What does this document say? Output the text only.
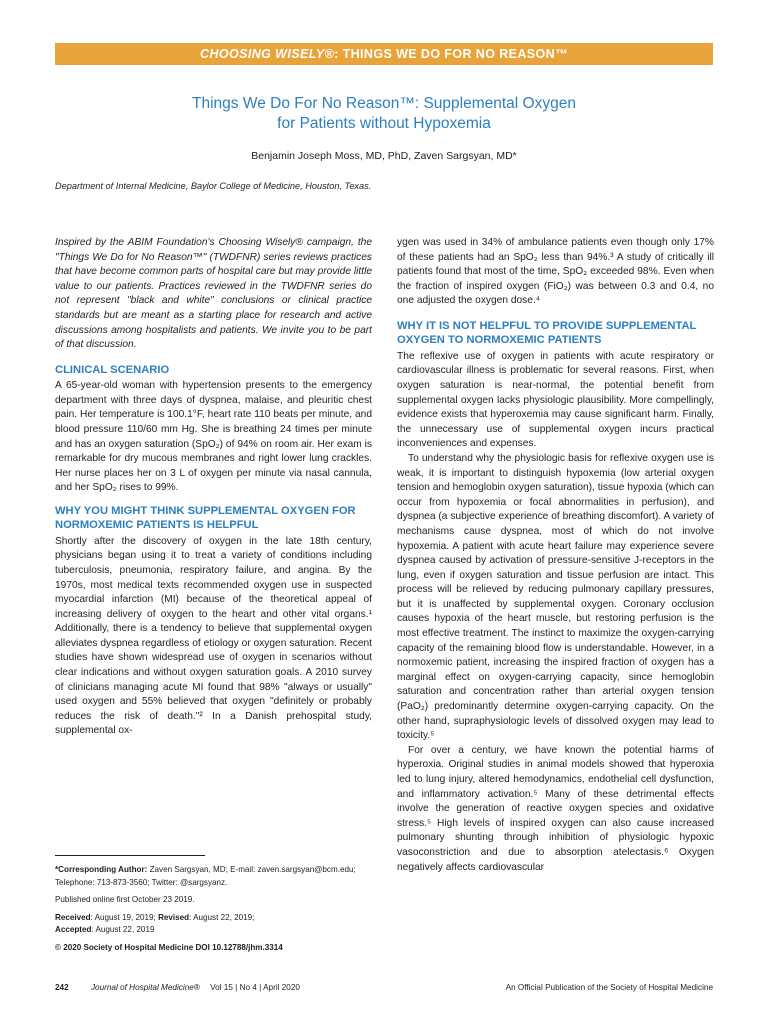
CHOOSING WISELY®: THINGS WE DO FOR NO REASON™
Things We Do For No Reason™: Supplemental Oxygen
for Patients without Hypoxemia
Benjamin Joseph Moss, MD, PhD, Zaven Sargsyan, MD*
Department of Internal Medicine, Baylor College of Medicine, Houston, Texas.

Inspired by the ABIM Foundation's Choosing Wisely® campaign, the "Things We Do for No Reason™" (TWDFNR) series reviews practices that have become common parts of hospital care but may provide little value to our patients. Practices reviewed in the TWDFNR series do not represent "black and white" conclusions or clinical practice standards but are meant as a starting place for research and active discussions among hospitalists and patients. We invite you to be part of that discussion.

CLINICAL SCENARIO

A 65-year-old woman with hypertension presents to the emergency department with three days of dyspnea, malaise, and pleuritic chest pain. Her temperature is 100.1°F, heart rate 110 beats per minute, and blood pressure 110/60 mm Hg. She is breathing 24 times per minute and has an oxygen saturation (SpO₂) of 94% on room air. Her exam is remarkable for dry mucous membranes and right lower lung crackles. Her nurse places her on 3 L of oxygen per minute via nasal cannula, and her SpO₂ rises to 99%.

WHY YOU MIGHT THINK SUPPLEMENTAL OXYGEN FOR NORMOXEMIC PATIENTS IS HELPFUL

Shortly after the discovery of oxygen in the late 18th century, physicians began using it to treat a variety of conditions including tuberculosis, pneumonia, respiratory failure, and angina. By the 1970s, most medical texts recommended oxygen use in suspected myocardial infarction (MI) because of the theoretical appeal of increasing delivery of oxygen to the heart and other vital organs.¹ Additionally, there is a tendency to believe that supplemental oxygen alleviates dyspnea regardless of etiology or oxygen saturation. Recent studies have shown widespread use of oxygen in scenarios without clear indications and without oxygen saturation goals. A 2010 survey of clinicians managing acute MI found that 98% "always or usually" used oxygen and 55% believed that oxygen "definitely or probably reduces the risk of death."² In a Danish prehospital study, supplemental ox-

*Corresponding Author: Zaven Sargsyan, MD; E-mail: zaven.sargsyan@bcm.edu; Telephone: 713-873-3560; Twitter: @sargsyanz.

Published online first October 23 2019.

Received: August 19, 2019; Revised: August 22, 2019;
Accepted: August 22, 2019

© 2020 Society of Hospital Medicine DOI 10.12788/jhm.3314

ygen was used in 34% of ambulance patients even though only 17% of these patients had an SpO₂ less than 94%.³ A study of critically ill patients found that most of the time, SpO₂ exceeded 98%. Even when the fraction of inspired oxygen (FiO₂) was between 0.3 and 0.4, no one adjusted the oxygen dose.⁴

WHY IT IS NOT HELPFUL TO PROVIDE SUPPLEMENTAL OXYGEN TO NORMOXEMIC PATIENTS

The reflexive use of oxygen in patients with acute respiratory or cardiovascular illness is problematic for several reasons. First, when oxygen saturation is near-normal, the potential benefit from supplemental oxygen lacks physiologic plausibility. More compellingly, evidence exists that hyperoxemia may cause significant harm. Finally, the unnecessary use of supplemental oxygen incurs practical inconveniences and expenses.

To understand why the physiologic basis for reflexive oxygen use is weak, it is important to distinguish hypoxemia (low arterial oxygen tension and hemoglobin oxygen saturation), tissue hypoxia (which can occur from hypoxemia or focal abnormalities in perfusion), and dyspnea (a subjective experience of breathing discomfort). A variety of mechanisms cause dyspnea, most of which do not involve hypoxemia. A patient with acute heart failure may experience severe dyspnea caused by activation of pressure-sensitive J-receptors in the lung, even if oxygen saturation and tissue perfusion are intact. This process will be relieved by reducing pulmonary capillary pressures, but it is unaffected by supplemental oxygen. Coronary occlusion causes hypoxia of the heart muscle, but restoring perfusion is the most effective treatment. The instinct to maximize the oxygen-carrying capacity of the remaining blood flow is understandable. However, in a normoxemic patient, increasing the inspired fraction of oxygen has a marginal effect on oxygen-carrying capacity, since hemoglobin saturation and concentration rather than arterial oxygen tension (PaO₂) predominantly determine oxygen-carrying capacity. On the other hand, supraphysiologic levels of dissolved oxygen may lead to toxicity.⁵

For over a century, we have known the potential harms of hyperoxia. Original studies in animal models showed that hyperoxia led to lung injury, altered hemodynamics, endothelial cell dysfunction, and inflammatory activation.⁵ Many of these detrimental effects involve the generation of reactive oxygen species and oxidative stress.⁵ High levels of inspired oxygen can also cause increased pulmonary shunting through inhibition of physiologic hypoxic vasoconstriction and due to absorption atelectasis.⁶ Oxygen negatively affects cardiovascular

242	Journal of Hospital Medicine® Vol 15 | No 4 | April 2020	An Official Publication of the Society of Hospital Medicine
